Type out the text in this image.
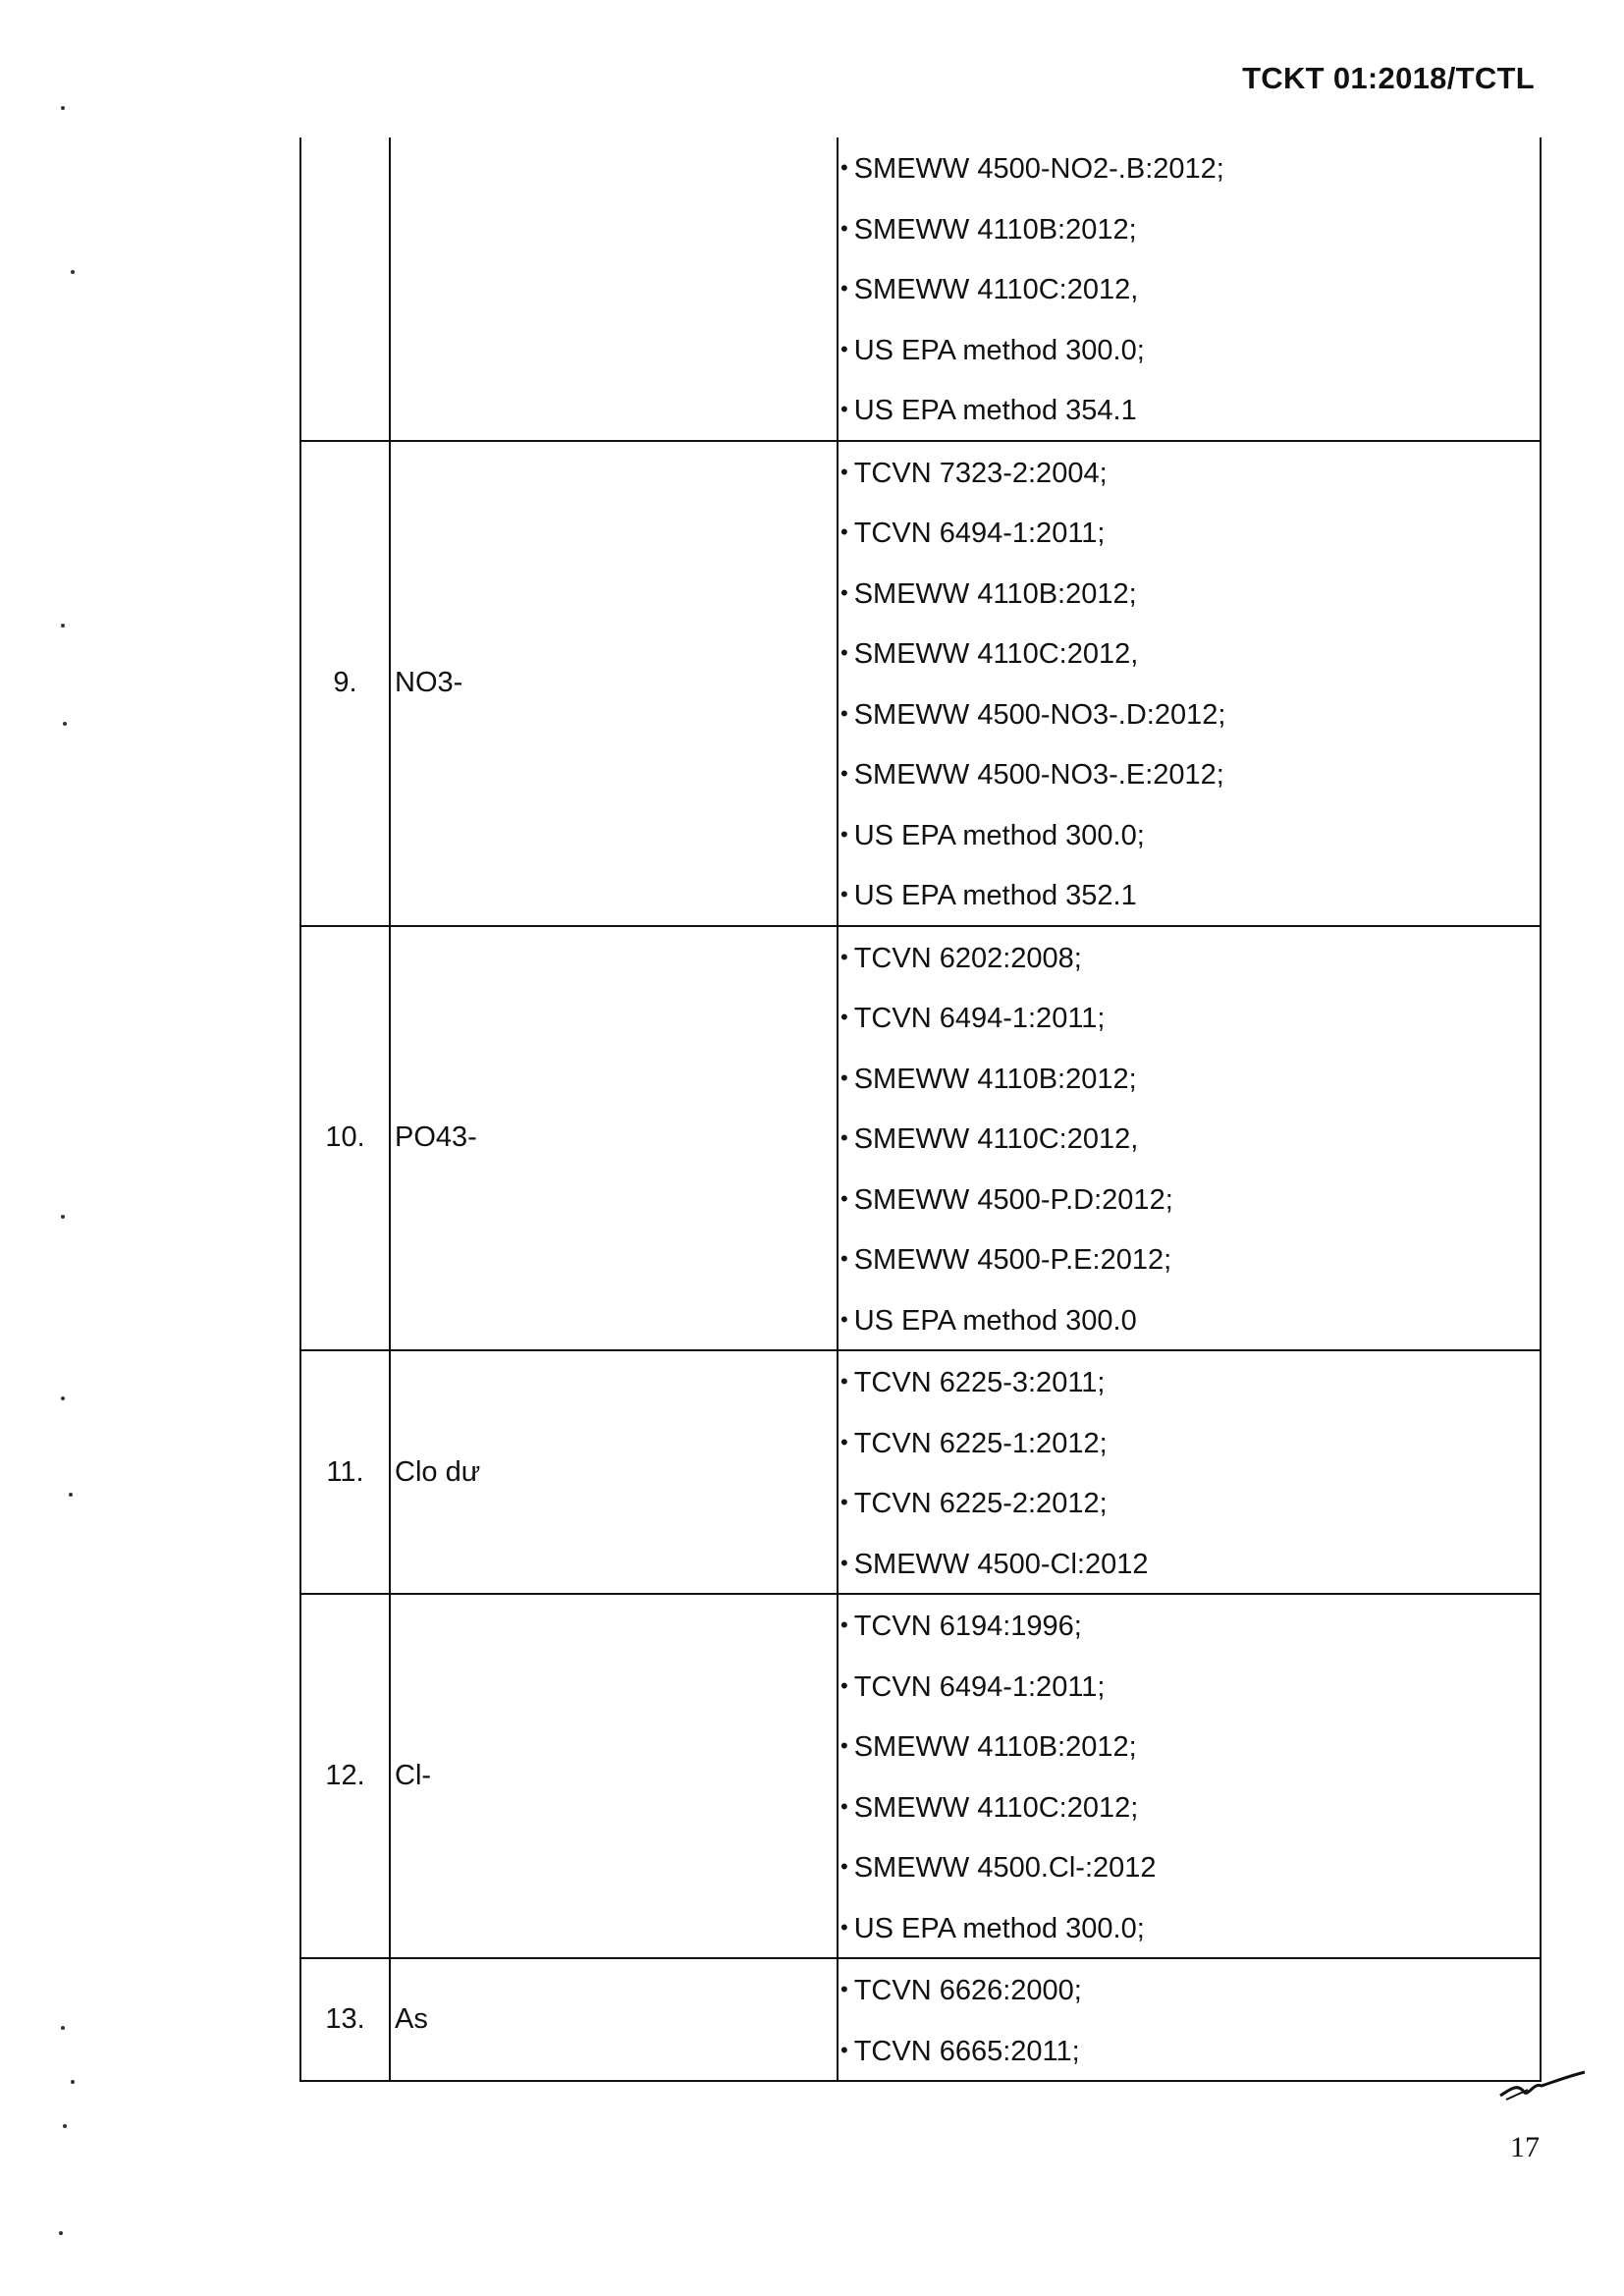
TCKT 01:2018/TCTL
• SMEWW 4500-NO2-.B:2012;
• SMEWW 4110B:2012;
• SMEWW 4110C:2012,
• US EPA method 300.0;
• US EPA method 354.1
9.	NO3-
• TCVN 7323-2:2004;
• TCVN 6494-1:2011;
• SMEWW 4110B:2012;
• SMEWW 4110C:2012,
• SMEWW 4500-NO3-.D:2012;
• SMEWW 4500-NO3-.E:2012;
• US EPA method 300.0;
• US EPA method 352.1
10.	PO43-
• TCVN 6202:2008;
• TCVN 6494-1:2011;
• SMEWW 4110B:2012;
• SMEWW 4110C:2012,
• SMEWW 4500-P.D:2012;
• SMEWW 4500-P.E:2012;
• US EPA method 300.0
11.	Clo dư
• TCVN 6225-3:2011;
• TCVN 6225-1:2012;
• TCVN 6225-2:2012;
• SMEWW 4500-Cl:2012
12.	Cl-
• TCVN 6194:1996;
• TCVN 6494-1:2011;
• SMEWW 4110B:2012;
• SMEWW 4110C:2012;
• SMEWW 4500.Cl-:2012
• US EPA method 300.0;
13.	As
• TCVN 6626:2000;
• TCVN 6665:2011;
17
